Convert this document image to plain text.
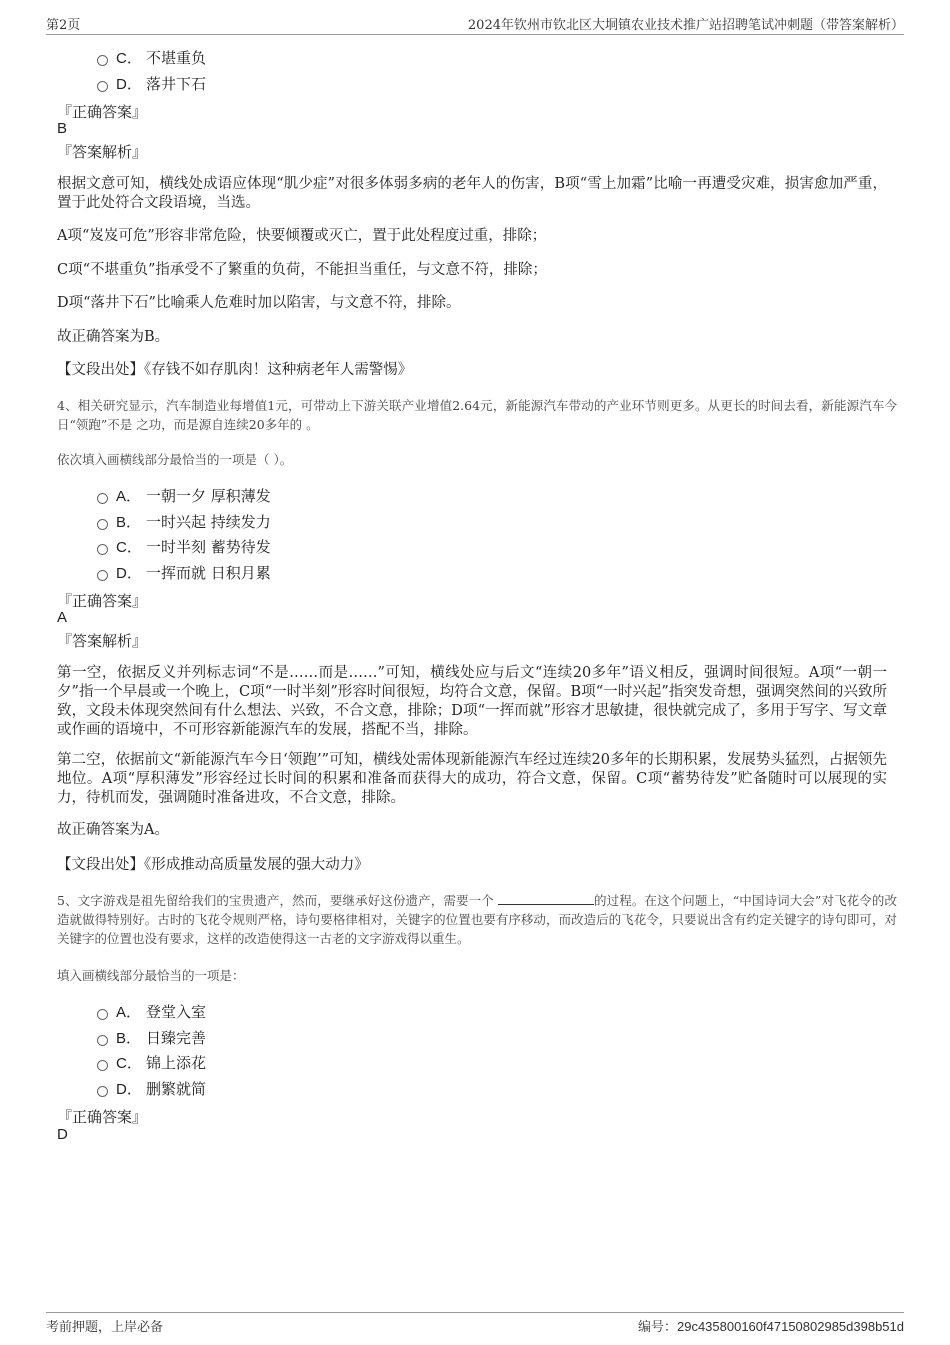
第2页	2024年钦州市钦北区大垌镇农业技术推广站招聘笔试冲刺题（带答案解析）
C． 不堪重负
D． 落井下石
『正确答案』
B
『答案解析』
根据文意可知，横线处成语应体现“肌少症”对很多体弱多病的老年人的伤害，B项“雪上加霜”比喻一再遭受灾难，损害愈加严重，置于此处符合文段语境，当选。
A项“岌岌可危”形容非常危险，快要倾覆或灭亡，置于此处程度过重，排除；
C项“不堪重负”指承受不了繁重的负荷，不能担当重任，与文意不符，排除；
D项“落井下石”比喻乘人危难时加以陷害，与文意不符，排除。
故正确答案为B。
【文段出处】《存钱不如存肌肉！这种病老年人需警惕》
4、相关研究显示，汽车制造业每增值1元，可带动上下游关联产业增值2.64元，新能源汽车带动的产业环节则更多。从更长的时间去看，新能源汽车今日“领跑”不是 之功，而是源自连续20多年的 。
依次填入画横线部分最恰当的一项是（ ）。
A． 一朝一夕 厚积薄发
B． 一时兴起 持续发力
C． 一时半刻 蓄势待发
D． 一挥而就 日积月累
『正确答案』
A
『答案解析』
第一空，依据反义并列标志词“不是……而是……”可知，横线处应与后文“连续20多年”语义相反，强调时间很短。A项“一朝一夕”指一个早晨或一个晚上，C项“一时半刻”形容时间很短，均符合文意，保留。B项“一时兴起”指突发奇想，强调突然间的兴致所致，文段未体现突然间有什么想法、兴致，不合文意，排除；D项“一挥而就”形容才思敏捷，很快就完成了，多用于写字、写文章或作画的语境中，不可形容新能源汽车的发展，搭配不当，排除。
第二空，依据前文“新能源汽车今日‘领跑’”可知，横线处需体现新能源汽车经过连续20多年的长期积累，发展势头猛烈，占据领先地位。A项“厚积薄发”形容经过长时间的积累和准备而获得大的成功，符合文意，保留。C项“蓄势待发”贮备随时可以展现的实力，待机而发，强调随时准备进攻，不合文意，排除。
故正确答案为A。
【文段出处】《形成推动高质量发展的强大动力》
5、文字游戏是祖先留给我们的宝贵遗产，然而，要继承好这份遗产，需要一个	的过程。在这个问题上，“中国诗词大会”对飞花令的改造就做得特别好。古时的飞花令规则严格，诗句要格律相对，关键字的位置也要有序移动，而改造后的飞花令，只要说出含有约定关键字的诗句即可，对关键字的位置也没有要求，这样的改造使得这一古老的文字游戏得以重生。
填入画横线部分最恰当的一项是：
A． 登堂入室
B． 日臻完善
C． 锦上添花
D． 删繁就简
『正确答案』
D
考前押题，上岸必备	编号：29c435800160f47150802985d398b51d
